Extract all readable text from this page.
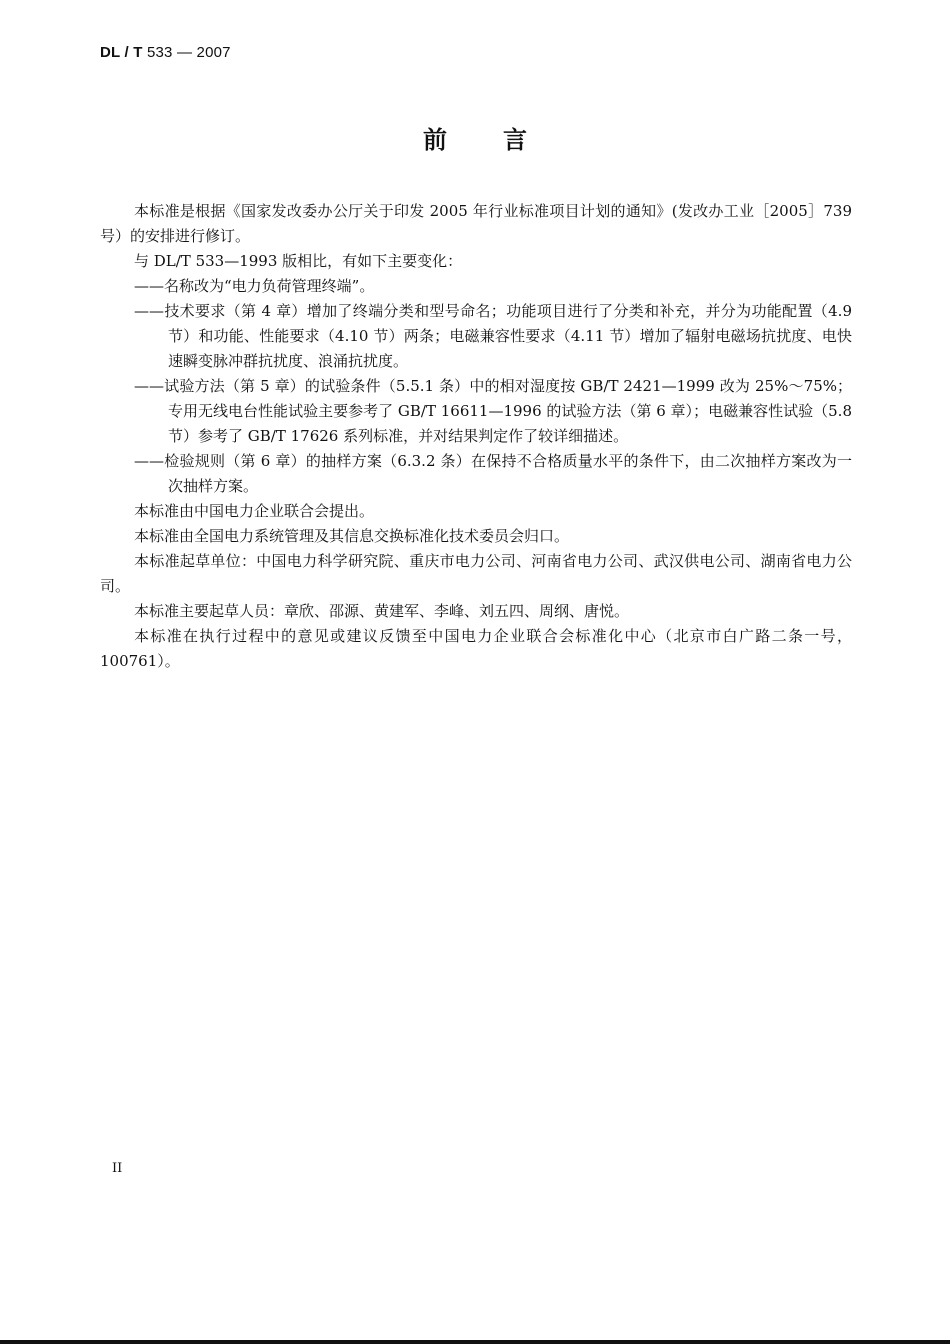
DL / T 533 — 2007
前言
本标准是根据《国家发改委办公厅关于印发 2005 年行业标准项目计划的通知》(发改办工业［2005］739 号）的安排进行修订。
与 DL/T 533—1993 版相比，有如下主要变化：
——名称改为“电力负荷管理终端”。
——技术要求（第 4 章）增加了终端分类和型号命名；功能项目进行了分类和补充，并分为功能配置（4.9 节）和功能、性能要求（4.10 节）两条；电磁兼容性要求（4.11 节）增加了辐射电磁场抗扰度、电快速瞬变脉冲群抗扰度、浪涌抗扰度。
——试验方法（第 5 章）的试验条件（5.5.1 条）中的相对湿度按 GB/T 2421—1999 改为 25%～75%；专用无线电台性能试验主要参考了 GB/T 16611—1996 的试验方法（第 6 章）；电磁兼容性试验（5.8 节）参考了 GB/T 17626 系列标准，并对结果判定作了较详细描述。
——检验规则（第 6 章）的抽样方案（6.3.2 条）在保持不合格质量水平的条件下，由二次抽样方案改为一次抽样方案。
本标准由中国电力企业联合会提出。
本标准由全国电力系统管理及其信息交换标准化技术委员会归口。
本标准起草单位：中国电力科学研究院、重庆市电力公司、河南省电力公司、武汉供电公司、湖南省电力公司。
本标准主要起草人员：章欣、邵源、黄建军、李峰、刘五四、周纲、唐悦。
本标准在执行过程中的意见或建议反馈至中国电力企业联合会标准化中心（北京市白广路二条一号，100761）。
II
